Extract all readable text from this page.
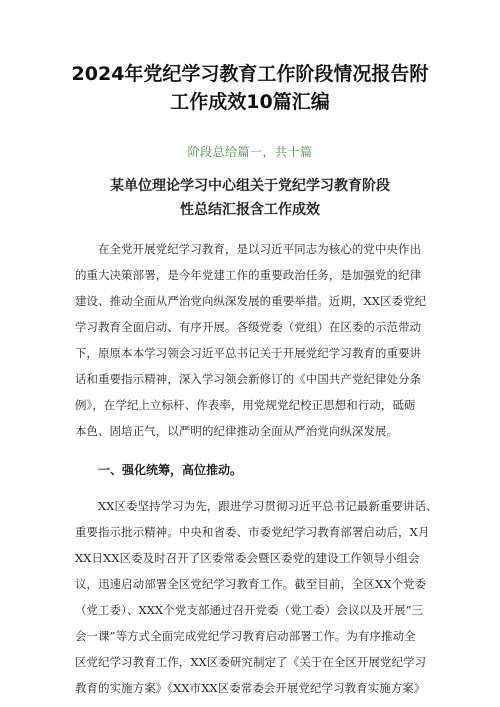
2024年党纪学习教育工作阶段情况报告附
工作成效10篇汇编
阶段总给篇一，共十篇
某单位理论学习中心组关于党纪学习教育阶段
性总结汇报含工作成效
在全党开展党纪学习教育，是以习近平同志为核心的党中央作出
的重大决策部署，是今年党建工作的重要政治任务，是加强党的纪律
建设、推动全面从严治党向纵深发展的重要举措。近期，XX区委党纪
学习教育全面启动、有序开展。各级党委（党组）在区委的示范带动
下，原原本本学习领会习近平总书记关于开展党纪学习教育的重要讲
话和重要指示精神，深入学习领会新修订的《中国共产党纪律处分条
例》，在学纪上立标杆、作表率，用党规党纪校正思想和行动，砥砺
本色、固培正气，以严明的纪律推动全面从严治党向纵深发展。
一、强化统筹，高位推动。
XX区委坚持学习为先，跟进学习贯彻习近平总书记最新重要讲话、
重要指示批示精神。中央和省委、市委党纪学习教育部署启动后，X月
XX日XX区委及时召开了区委常委会暨区委党的建设工作领导小组会
议，迅速启动部署全区党纪学习教育工作。截至目前，全区XX个党委
（党工委）、XXX个党支部通过召开党委（党工委）会议以及开展“三
会一课”等方式全面完成党纪学习教育启动部署工作。为有序推动全
区党纪学习教育工作，XX区委研究制定了《关于在全区开展党纪学习
教育的实施方案》《XX市XX区委常委会开展党纪学习教育实施方案》
